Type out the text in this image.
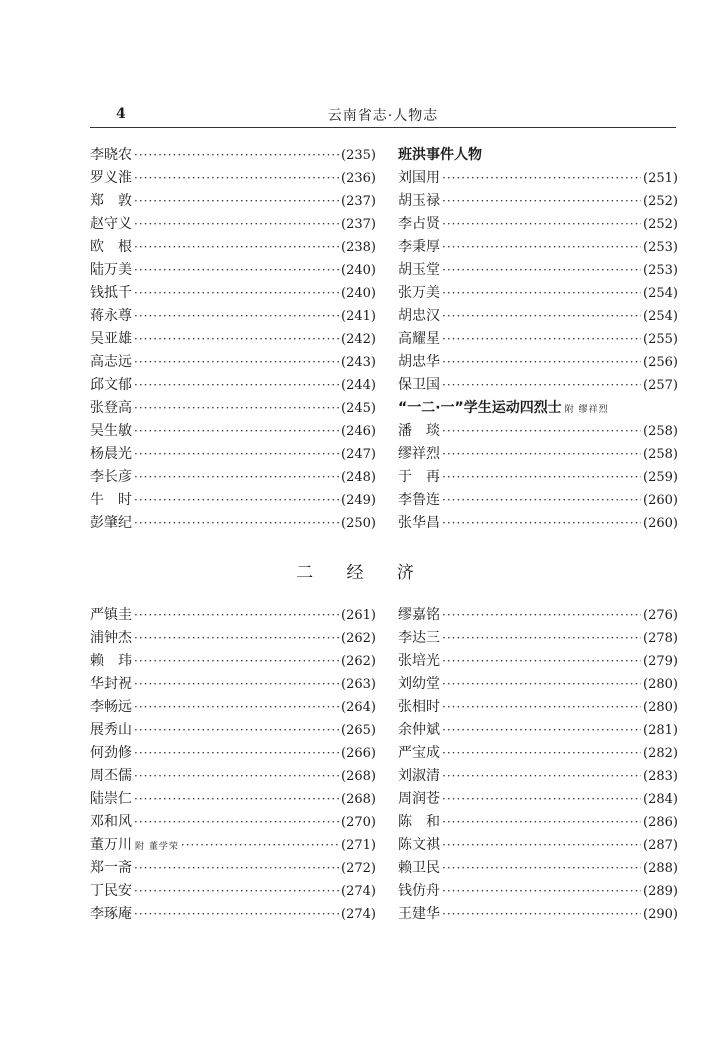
4	云南省志·人物志
李晓农 ·····	(235)
罗义淮 ·····	(236)
郑　敦 ·····	(237)
赵守义 ·····	(237)
欧　根 ·····	(238)
陆万美 ·····	(240)
钱抵千 ·····	(240)
蒋永尊 ·····	(241)
吴亚雄 ·····	(242)
高志远 ·····	(243)
邱文郁 ·····	(244)
张登高 ·····	(245)
吴生敏 ·····	(246)
杨晨光 ·····	(247)
李长彦 ·····	(248)
牛　时 ·····	(249)
彭肇纪 ·····	(250)
班洪事件人物
刘国用 ·····	(251)
胡玉禄 ·····	(252)
李占贤 ·····	(252)
李秉厚 ·····	(253)
胡玉堂 ·····	(253)
张万美 ·····	(254)
胡忠汉 ·····	(254)
高耀星 ·····	(255)
胡忠华 ·····	(256)
保卫国 ·····	(257)
“一二·一”学生运动四烈士 附 缪祥烈
潘　琰 ·····	(258)
缪祥烈 ·····	(258)
于　再 ·····	(259)
李鲁连 ·····	(260)
张华昌 ·····	(260)
二 经 济
严镇圭 ·····	(261)
浦钟杰 ·····	(262)
赖　玮 ·····	(262)
华封祝 ·····	(263)
李畅远 ·····	(264)
展秀山 ·····	(265)
何劲修 ·····	(266)
周丕儒 ·····	(268)
陆崇仁 ·····	(268)
邓和风 ·····	(270)
董万川 附 董学荣 ·····	(271)
郑一斋 ·····	(272)
丁民安 ·····	(274)
李琢庵 ·····	(274)
缪嘉铭 ·····	(276)
李达三 ·····	(278)
张培光 ·····	(279)
刘幼堂 ·····	(280)
张相时 ·····	(280)
余仲斌 ·····	(281)
严宝成 ·····	(282)
刘淑清 ·····	(283)
周润苍 ·····	(284)
陈　和 ·····	(286)
陈文祺 ·····	(287)
赖卫民 ·····	(288)
钱仿舟 ·····	(289)
王建华 ·····	(290)
